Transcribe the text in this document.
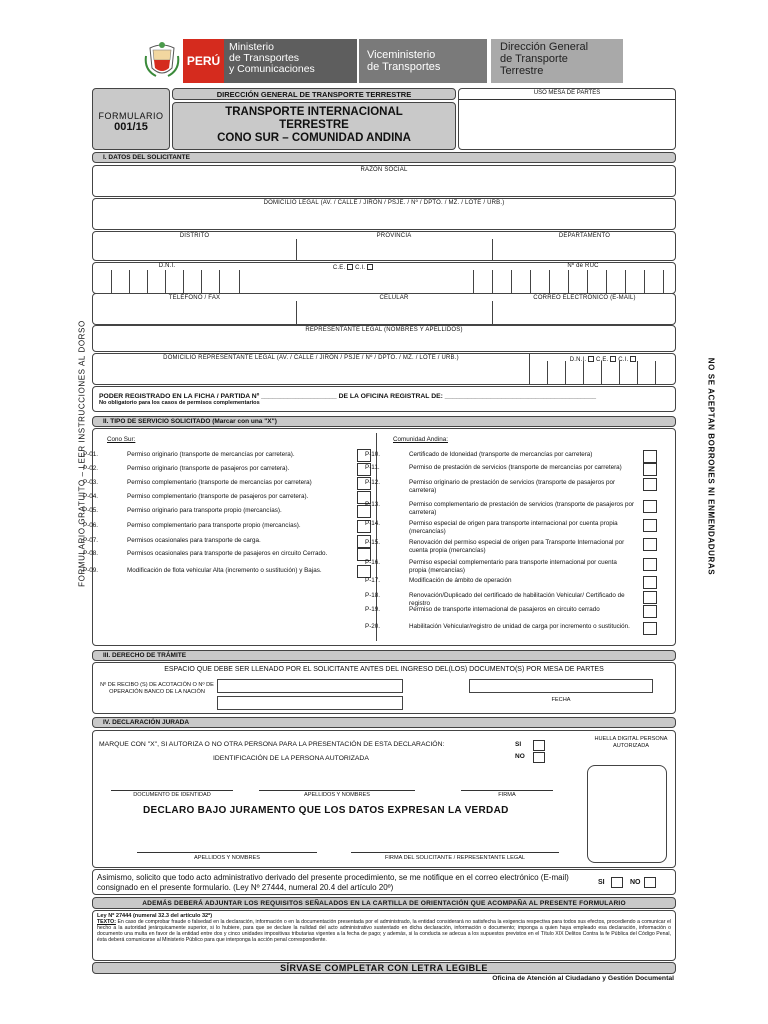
PERÚ
Ministerio
de Transportes
y Comunicaciones
Viceministerio
de Transportes
Dirección General
de Transporte
Terrestre
FORMULARIO
001/15
DIRECCIÓN GENERAL DE TRANSPORTE TERRESTRE
TRANSPORTE INTERNACIONAL
TERRESTRE
CONO SUR – COMUNIDAD ANDINA
USO MESA DE PARTES
FORMULARIO GRATUITO – LEER INSTRUCCIONES AL DORSO	NO SE ACEPTAN BORRONES NI ENMENDADURAS
I. DATOS DEL SOLICITANTE
RAZÓN SOCIAL
DOMICILIO LEGAL (AV. / CALLE / JIRÓN / PSJE. / Nº / DPTO. / MZ. / LOTE / URB.)
DISTRITO	PROVINCIA	DEPARTAMENTO
D.N.I.	C.E. C.I.	Nº de RUC
TELÉFONO / FAX	CELULAR	CORREO ELECTRÓNICO (E-MAIL)
REPRESENTANTE LEGAL (NOMBRES Y APELLIDOS)
DOMICILIO REPRESENTANTE LEGAL (AV. / CALLE / JIRÓN / PSJE / Nº / DPTO. / MZ. / LOTE / URB.)	D.N.I. C.E. C.I.
PODER REGISTRADO EN LA FICHA / PARTIDA Nº ____________________ DE LA OFICINA REGISTRAL DE: ________________________________________
No obligatorio para los casos de permisos complementarios
II. TIPO DE SERVICIO SOLICITADO (Marcar con una "X")
Cono Sur:	Comunidad Andina:
P-01.	Permiso originario (transporte de mercancías por carretera).
P-02.	Permiso originario (transporte de pasajeros por carretera).
P-03.	Permiso complementario (transporte de mercancías por carretera)
P-04.	Permiso complementario (transporte de pasajeros por carretera).
P-05.	Permiso originario para transporte propio (mercancías).
P-06.	Permiso complementario para transporte propio (mercancías).
P-07.	Permisos ocasionales para transporte de carga.
P-08.	Permisos ocasionales para transporte de pasajeros en circuito Cerrado.
P-09.	Modificación de flota vehicular Alta (incremento o sustitución) y Bajas.
P-10.	Certificado de Idoneidad (transporte de mercancías por carretera)
P-11.	Permiso de prestación de servicios (transporte de mercancías por carretera)
P-12.	Permiso originario de prestación de servicios (transporte de pasajeros por carretera)
P-13.	Permiso complementario de prestación de servicios (transporte de pasajeros por carretera)
P-14.	Permiso especial de origen para transporte internacional por cuenta propia (mercancías)
P-15.	Renovación del permiso especial de origen para Transporte Internacional por cuenta propia (mercancías)
P-16.	Permiso especial complementario para transporte internacional por cuenta propia (mercancías)
P-17.	Modificación de ámbito de operación
P-18.	Renovación/Duplicado del certificado de habilitación Vehicular/ Certificado de registro
P-19.	Permiso de transporte internacional de pasajeros en circuito cerrado
P-20.	Habilitación Vehicular/registro de unidad de carga por incremento o sustitución.
III. DERECHO DE TRÁMITE
ESPACIO QUE DEBE SER LLENADO POR EL SOLICITANTE ANTES DEL INGRESO DEL(LOS) DOCUMENTO(S) POR MESA DE PARTES
Nº DE RECIBO (S) DE ACOTACIÓN O Nº DE OPERACIÓN BANCO DE LA NACIÓN
FECHA
IV. DECLARACIÓN JURADA
MARQUE CON "X", SI AUTORIZA O NO OTRA PERSONA PARA LA PRESENTACIÓN DE ESTA DECLARACIÓN:	SI
NO
IDENTIFICACIÓN DE LA PERSONA AUTORIZADA
HUELLA DIGITAL PERSONA AUTORIZADA
DOCUMENTO DE IDENTIDAD	APELLIDOS Y NOMBRES	FIRMA
DECLARO BAJO JURAMENTO QUE LOS DATOS EXPRESAN LA VERDAD
APELLIDOS Y NOMBRES	FIRMA DEL SOLICITANTE / REPRESENTANTE LEGAL
Asimismo, solicito que todo acto administrativo derivado del presente procedimiento, se me notifique en el correo electrónico (E-mail) consignado en el presente formulario. (Ley Nº 27444, numeral 20.4 del artículo 20º)	SI	NO
ADEMÁS DEBERÁ ADJUNTAR LOS REQUISITOS SEÑALADOS EN LA CARTILLA DE ORIENTACIÓN QUE ACOMPAÑA AL PRESENTE FORMULARIO
Ley Nº 27444 (numeral 32.3 del artículo 32º)
TEXTO: En caso de comprobar fraude o falsedad en la declaración, información o en la documentación presentada por el administrado, la entidad considerará no satisfecha la exigencia respectiva para todos sus efectos, procediendo a comunicar el hecho a la autoridad jerárquicamente superior, si lo hubiere, para que se declare la nulidad del acto administrativo sustentado en dicha declaración, información o documento; imponga a quien haya empleado esa declaración, información o documento una multa en favor de la entidad entre dos y cinco unidades impositivas tributarias vigentes a la fecha de pago; y además, si la conducta se adecua a los supuestos previstos en el Título XIX Delitos Contra la fe Pública del Código Penal, ésta deberá comunicarse al Ministerio Público para que interponga la acción penal correspondiente.
SÍRVASE COMPLETAR CON LETRA LEGIBLE
Oficina de Atención al Ciudadano y Gestión Documental
